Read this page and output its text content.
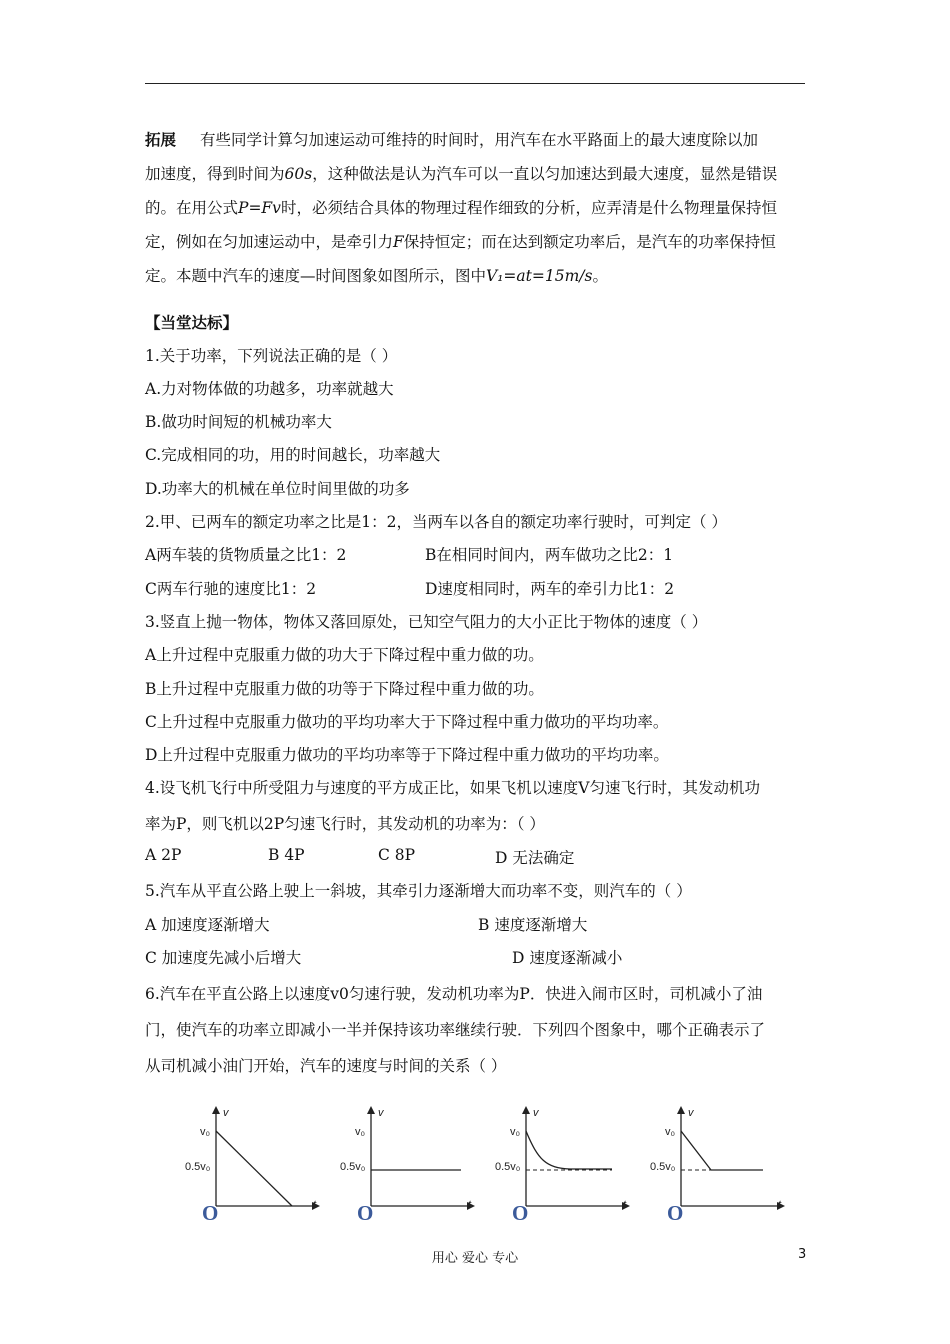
拓展 有些同学计算匀加速运动可维持的时间时，用汽车在水平路面上的最大速度除以加
加速度，得到时间为60s，这种做法是认为汽车可以一直以匀加速达到最大速度，显然是错误
的。在用公式P=Fv时，必须结合具体的物理过程作细致的分析，应弄清是什么物理量保持恒
定，例如在匀加速运动中，是牵引力F保持恒定；而在达到额定功率后，是汽车的功率保持恒
定。本题中汽车的速度—时间图象如图所示，图中V₁=at=15m/s。
【当堂达标】
1.关于功率，下列说法正确的是（ ）
A.力对物体做的功越多，功率就越大
B.做功时间短的机械功率大
C.完成相同的功，用的时间越长，功率越大
D.功率大的机械在单位时间里做的功多
2.甲、已两车的额定功率之比是1：2，当两车以各自的额定功率行驶时，可判定（ ）
A两车装的货物质量之比1：2	B在相同时间内，两车做功之比2：1
C两车行驰的速度比1：2	D速度相同时，两车的牵引力比1：2
3.竖直上抛一物体，物体又落回原处，已知空气阻力的大小正比于物体的速度（ ）
A上升过程中克服重力做的功大于下降过程中重力做的功。
B上升过程中克服重力做的功等于下降过程中重力做的功。
C上升过程中克服重力做功的平均功率大于下降过程中重力做功的平均功率。
D上升过程中克服重力做功的平均功率等于下降过程中重力做功的平均功率。
4.设飞机飞行中所受阻力与速度的平方成正比，如果飞机以速度V匀速飞行时，其发动机功
率为P，则飞机以2P匀速飞行时，其发动机的功率为：（ ）
A 2P	B 4P	C 8P	D 无法确定
5.汽车从平直公路上驶上一斜坡，其牵引力逐渐增大而功率不变，则汽车的（ ）
A 加速度逐渐增大	B 速度逐渐增大
C 加速度先减小后增大	D 速度逐渐减小
6.汽车在平直公路上以速度v0匀速行驶，发动机功率为P．快进入闹市区时，司机减小了油
门，使汽车的功率立即减小一半并保持该功率继续行驶．下列四个图象中，哪个正确表示了
从司机减小油门开始，汽车的速度与时间的关系（ ）
v
t
v₀
0.5v₀
O
v
t
v₀
0.5v₀
O
v
t
v₀
0.5v₀
O
v
t
v₀
0.5v₀
O
用心 爱心 专心	3
